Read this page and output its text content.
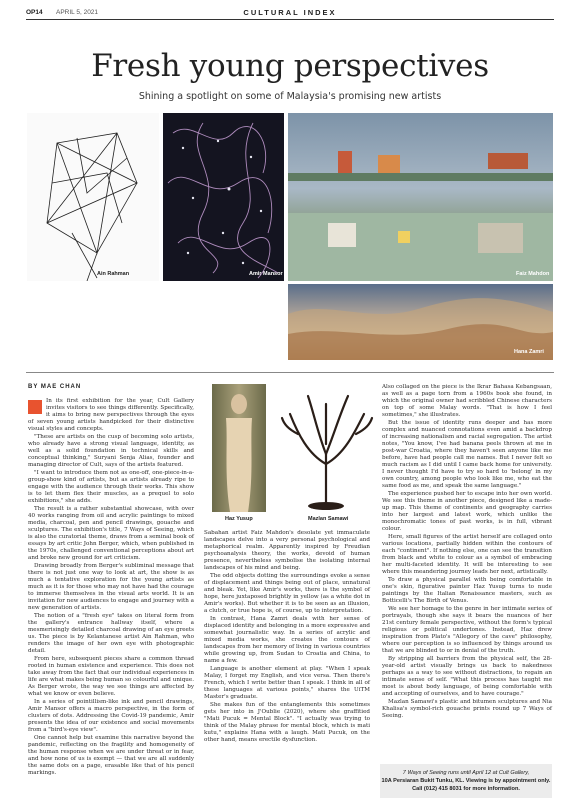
OP14 APRIL 5, 2021	CULTURAL INDEX
Fresh young perspectives
Shining a spotlight on some of Malaysia's promising new artists
Ain Rahman	Amir Mansor	Faiz Mahdon
Hana Zamri
BY MAE CHAN

In its first exhibition for the year, Cult Gallery invites visitors to see things differently. Specifically, it aims to bring new perspectives through the eyes of seven young artists handpicked for their distinctive visual styles and concepts.

"These are artists on the cusp of becoming solo artists, who already have a strong visual language, identity, as well as a solid foundation in technical skills and conceptual thinking," Suryani Senja Alias, founder and managing director of Cult, says of the artists featured.

"I want to introduce them not as one-off, one-piece-in-a-group-show kind of artists, but as artists already ripe to engage with the audience through their works. This show is to let them flex their muscles, as a prequel to solo exhibitions," she adds.

The result is a rather substantial showcase, with over 40 works ranging from oil and acrylic paintings to mixed media, charcoal, pen and pencil drawings, gouache and sculptures. The exhibition's title, 7 Ways of Seeing, which is also the curatorial theme, draws from a seminal book of essays by art critic John Berger, which, when published in the 1970s, challenged conventional perceptions about art and broke new ground for art criticism.

Drawing broadly from Berger's subliminal message that there is not just one way to look at art, the show is as much a tentative exploration for the young artists as much as it is for those who may not have had the courage to immerse themselves in the visual arts world. It is an invitation for new audiences to engage and journey with a new generation of artists.

The notion of a "fresh eye" takes on literal form from the gallery's entrance hallway itself, where a mesmerisingly detailed charcoal drawing of an eye greets us. The piece is by Kelantanese artist Ain Rahman, who renders the image of her own eye with photographic detail.

From here, subsequent pieces share a common thread rooted in human existence and experience. This does not take away from the fact that our individual experiences in life are what makes being human so colourful and unique. As Berger wrote, the way we see things are affected by what we know or even believe.

In a series of pointillism-like ink and pencil drawings, Amir Mansor offers a macro perspective, in the form of clusters of dots. Addressing the Covid-19 pandemic, Amir presents the idea of our existence and social movements from a "bird's-eye view".

One cannot help but examine this narrative beyond the pandemic, reflecting on the fragility and homogeneity of the human response when we are under threat or in fear, and how none of us is exempt — that we are all suddenly the same dots on a page, erasable like that of his pencil markings.

Haz Yusup	Mazlan Samawi

Sabahan artist Faiz Mahdon's desolate yet immaculate landscapes delve into a very personal psychological and metaphorical realm. Apparently inspired by Freudian psychoanalysis theory, the works, devoid of human presence, nevertheless symbolise the isolating internal landscapes of his mind and being.

The odd objects dotting the surroundings evoke a sense of displacement and things being out of place, unnatural and bleak. Yet, like Amir's works, there is the symbol of hope, here juxtaposed brightly in yellow (as a white dot in Amir's works). But whether it is to be seen as an illusion, a clutch, or true hope is, of course, up to interpretation.

In contrast, Hana Zamri deals with her sense of displaced identity and belonging in a more expressive and somewhat journalistic way. In a series of acrylic and mixed media works, she creates the contours of landscapes from her memory of living in various countries while growing up, from Sudan to Croatia and China, to name a few.

Language is another element at play. "When I speak Malay, I forget my English, and vice versa. Then there's French, which I write better than I speak. I think in all of these languages at various points," shares the UiTM Master's graduate.

She makes fun of the entanglements this sometimes gets her into in J'Oublie (2020), where she graffitied "Mati Pucuk = Mental Block". "I actually was trying to think of the Malay phrase for mental block, which is mati kutu," explains Hana with a laugh. Mati Pucuk, on the other hand, means erectile dysfunction.

Also collaged on the piece is the Ikrar Bahasa Kebangsaan, as well as a page torn from a 1960s book she found, in which the original owner had scribbled Chinese characters on top of some Malay words. "That is how I feel sometimes," she illustrates.

But the issue of identity runs deeper and has more complex and nuanced connotations even amid a backdrop of increasing nationalism and racial segregation. The artist notes, "You know, I've had banana peels thrown at me in post-war Croatia, where they haven't seen anyone like me before, have had people call me names. But I never felt so much racism as I did until I came back home for university. I never thought I'd have to try so hard to 'belong' in my own country, among people who look like me, who eat the same food as me, and speak the same language."

The experience pushed her to escape into her own world. We see this theme in another piece, designed like a made-up map. This theme of continents and geography carries into her largest and latest work, which unlike the monochromatic tones of past works, is in full, vibrant colour.

Here, small figures of the artist herself are collaged onto various locations, partially hidden within the contours of each "continent". If nothing else, one can see the transition from black and white to colour as a symbol of embracing her multi-faceted identity. It will be interesting to see where this meandering journey leads her next, artistically.

To draw a physical parallel with being comfortable in one's skin, figurative painter Haz Yusup turns to nude paintings by the Italian Renaissance masters, such as Botticelli's The Birth of Venus.

We see her homage to the genre in her intimate series of portrayals, though she says it bears the nuances of her 21st century female perspective, without the form's typical religious or political undertones. Instead, Haz drew inspiration from Plato's "Allegory of the cave" philosophy, where our perception is so influenced by things around us that we are blinded to or in denial of the truth.

By stripping all barriers from the physical self, the 28-year-old artist visually brings us back to nakedness perhaps as a way to see without distractions, to regain an intimate sense of self. "What this process has taught me most is about body language, of being comfortable with and accepting of ourselves, and to have courage."

Mazlan Samawi's plastic and bitumen sculptures and Nia Khalisa's symbol-rich gouache prints round up 7 Ways of Seeing.

7 Ways of Seeing runs until April 12 at Cult Gallery,
10A Persiaran Bukit Tunku, KL. Viewing is by appointment only.
Call (012) 415 8031 for more information.
